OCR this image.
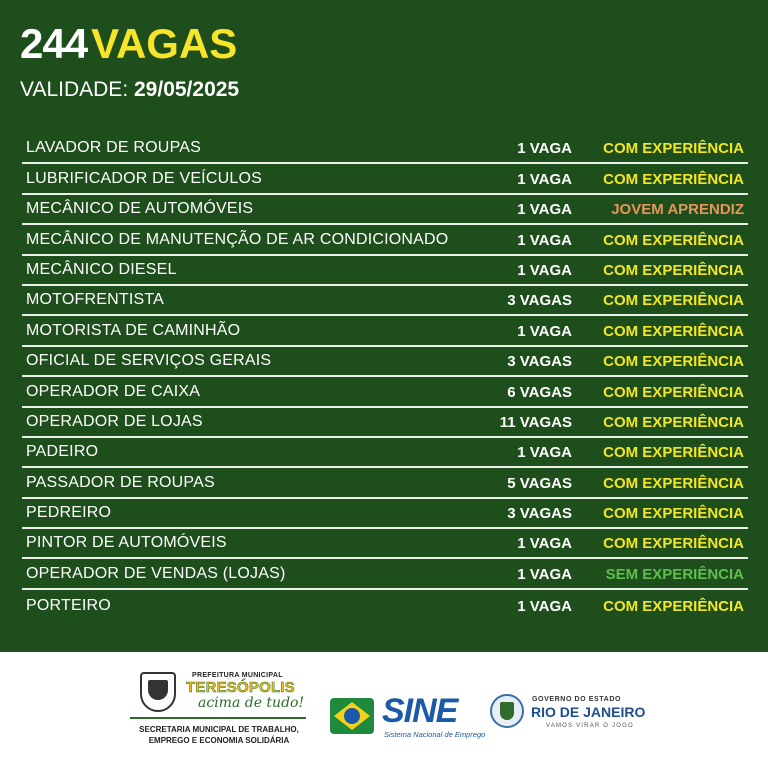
244 VAGAS
VALIDADE: 29/05/2025
LAVADOR DE ROUPAS	1 VAGA COM EXPERIÊNCIA
LUBRIFICADOR DE VEÍCULOS	1 VAGA COM EXPERIÊNCIA
MECÂNICO DE AUTOMÓVEIS	1 VAGA	JOVEM APRENDIZ
MECÂNICO DE MANUTENÇÃO DE AR CONDICIONADO	1 VAGA COM EXPERIÊNCIA
MECÂNICO DIESEL	1 VAGA COM EXPERIÊNCIA
MOTOFRENTISTA	3 VAGAS COM EXPERIÊNCIA
MOTORISTA DE CAMINHÃO	1 VAGA COM EXPERIÊNCIA
OFICIAL DE SERVIÇOS GERAIS	3 VAGAS COM EXPERIÊNCIA
OPERADOR DE CAIXA	6 VAGAS COM EXPERIÊNCIA
OPERADOR DE LOJAS	11 VAGAS COM EXPERIÊNCIA
PADEIRO	1 VAGA COM EXPERIÊNCIA
PASSADOR DE ROUPAS	5 VAGAS COM EXPERIÊNCIA
PEDREIRO	3 VAGAS COM EXPERIÊNCIA
PINTOR DE AUTOMÓVEIS	1 VAGA COM EXPERIÊNCIA
OPERADOR DE VENDAS (LOJAS)	1 VAGA SEM EXPERIÊNCIA
PORTEIRO	1 VAGA COM EXPERIÊNCIA
PREFEITURA MUNICIPAL
TERESÓPOLIS
acima de tudo!
SECRETARIA MUNICIPAL DE TRABALHO,
EMPREGO E ECONOMIA SOLIDÁRIA
SINE
Sistema Nacional de Emprego
GOVERNO DO ESTADO
RIO DE JANEIRO
VAMOS VIRAR O JOGO
